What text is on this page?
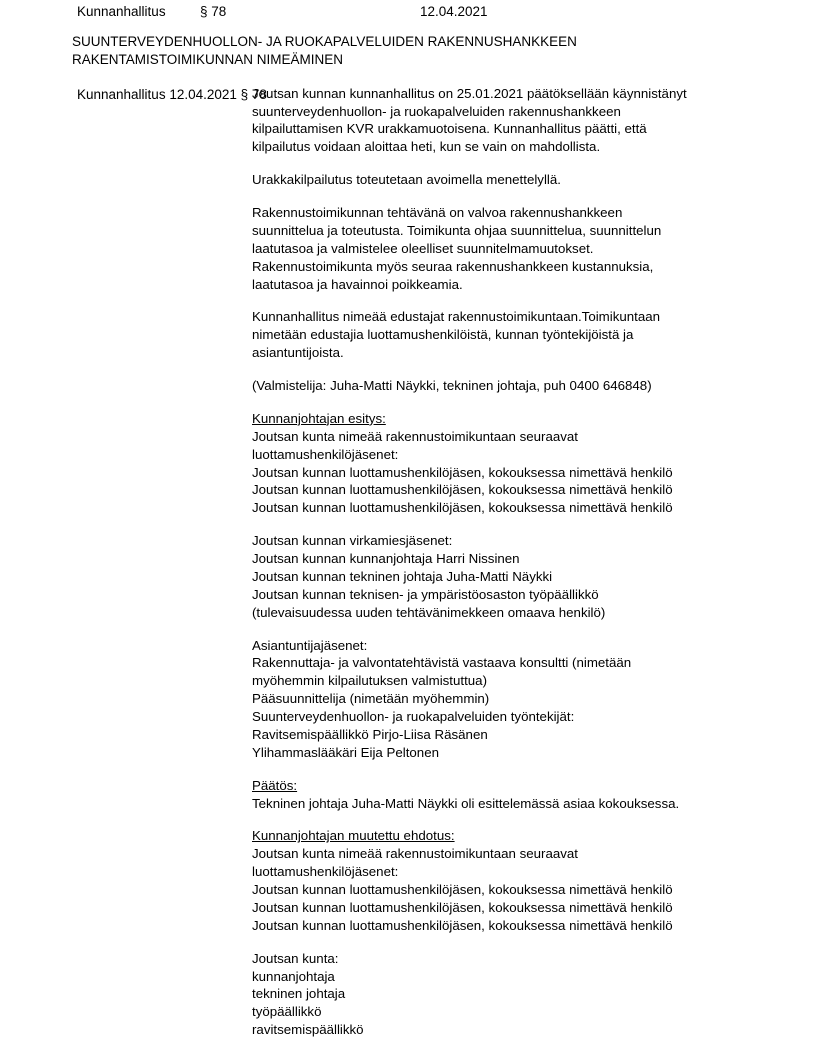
Kunnanhallitus	§ 78	12.04.2021
SUUNTERVEYDENHUOLLON- JA RUOKAPALVELUIDEN RAKENNUSHANKKEEN
RAKENTAMISTOIMIKUNNAN NIMEÄMINEN
Kunnanhallitus 12.04.2021 § 78
Joutsan kunnan kunnanhallitus on 25.01.2021 päätöksellään käynnistänyt
suunterveydenhuollon- ja ruokapalveluiden rakennushankkeen
kilpailuttamisen KVR urakkamuotoisena. Kunnanhallitus päätti, että
kilpailutus voidaan aloittaa heti, kun se vain on mahdollista.
Urakkakilpailutus toteutetaan avoimella menettelyllä.
Rakennustoimikunnan tehtävänä on valvoa rakennushankkeen
suunnittelua ja toteutusta. Toimikunta ohjaa suunnittelua, suunnittelun
laatutasoa ja valmistelee oleelliset suunnitelmamuutokset.
Rakennustoimikunta myös seuraa rakennushankkeen kustannuksia,
laatutasoa ja havainnoi poikkeamia.
Kunnanhallitus nimeää edustajat rakennustoimikuntaan.Toimikuntaan
nimetään edustajia luottamushenkilöistä, kunnan työntekijöistä ja
asiantuntijoista.
(Valmistelija: Juha-Matti Näykki, tekninen johtaja, puh 0400 646848)
Kunnanjohtajan esitys:
Joutsan kunta nimeää rakennustoimikuntaan seuraavat
luottamushenkilöjäsenet:
Joutsan kunnan luottamushenkilöjäsen, kokouksessa nimettävä henkilö
Joutsan kunnan luottamushenkilöjäsen, kokouksessa nimettävä henkilö
Joutsan kunnan luottamushenkilöjäsen, kokouksessa nimettävä henkilö
Joutsan kunnan virkamiesjäsenet:
Joutsan kunnan kunnanjohtaja Harri Nissinen
Joutsan kunnan tekninen johtaja Juha-Matti Näykki
Joutsan kunnan teknisen- ja ympäristöosaston työpäällikkö
(tulevaisuudessa uuden tehtävänimekkeen omaava henkilö)
Asiantuntijajäsenet:
Rakennuttaja- ja valvontatehtävistä vastaava konsultti (nimetään
myöhemmin kilpailutuksen valmistuttua)
Pääsuunnittelija (nimetään myöhemmin)
Suunterveydenhuollon- ja ruokapalveluiden työntekijät:
Ravitsemispäällikkö Pirjo-Liisa Räsänen
Ylihammaslääkäri Eija Peltonen
Päätös:
Tekninen johtaja Juha-Matti Näykki oli esittelemässä asiaa kokouksessa.
Kunnanjohtajan muutettu ehdotus:
Joutsan kunta nimeää rakennustoimikuntaan seuraavat
luottamushenkilöjäsenet:
Joutsan kunnan luottamushenkilöjäsen, kokouksessa nimettävä henkilö
Joutsan kunnan luottamushenkilöjäsen, kokouksessa nimettävä henkilö
Joutsan kunnan luottamushenkilöjäsen, kokouksessa nimettävä henkilö
Joutsan kunta:
kunnanjohtaja
tekninen johtaja
työpäällikkö
ravitsemispäällikkö
